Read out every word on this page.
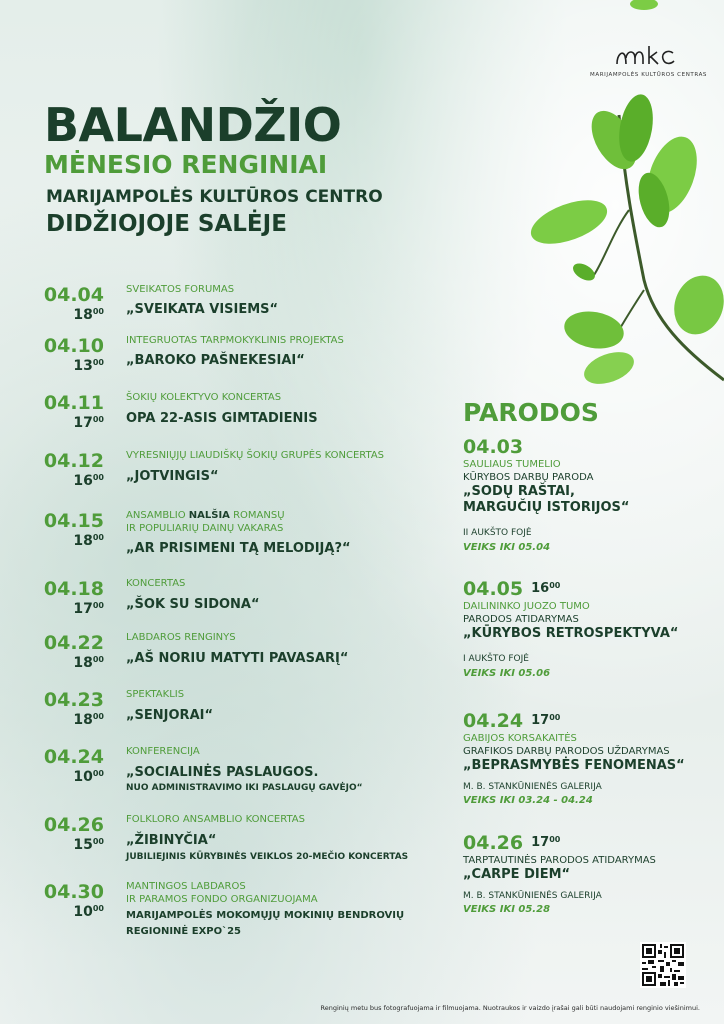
MARIJAMPOLĖS KULTŪROS CENTRAS
BALANDŽIO
MĖNESIO RENGINIAI
MARIJAMPOLĖS KULTŪROS CENTRO
DIDŽIOJOJE SALĖJE
04.04
$18^{00}$
SVEIKATOS FORUMAS
„SVEIKATA VISIEMS“
04.10
$13^{00}$
INTEGRUOTAS TARPMOKYKLINIS PROJEKTAS
„BAROKO PAŠNEKESIAI“
04.11
$17^{00}$
ŠOKIŲ KOLEKTYVO KONCERTAS
OPA 22-ASIS GIMTADIENIS
04.12
$16^{00}$
VYRESNIŲJŲ LIAUDIŠKŲ ŠOKIŲ GRUPĖS KONCERTAS
„JOTVINGIS“
04.15
$18^{00}$
ANSAMBLIO NALŠIA ROMANSŲ
IR POPULIARIŲ DAINŲ VAKARAS
„AR PRISIMENI TĄ MELODIJĄ?“
04.18
$17^{00}$
KONCERTAS
„ŠOK SU SIDONA“
04.22
$18^{00}$
LABDAROS RENGINYS
„AŠ NORIU MATYTI PAVASARĮ“
04.23
$18^{00}$
SPEKTAKLIS
„SENJORAI“
04.24
$10^{00}$
KONFERENCIJA
„SOCIALINĖS PASLAUGOS.
NUO ADMINISTRAVIMO IKI PASLAUGŲ GAVĖJO“
04.26
$15^{00}$
FOLKLORO ANSAMBLIO KONCERTAS
„ŽIBINYČIA“
JUBILIEJINIS KŪRYBINĖS VEIKLOS 20-MEČIO KONCERTAS
04.30
$10^{00}$
MANTINGOS LABDAROS
IR PARAMOS FONDO ORGANIZUOJAMA
MARIJAMPOLĖS MOKOMŲJŲ MOKINIŲ BENDROVIŲ
REGIONINĖ EXPO`25
PARODOS
04.03
SAULIAUS TUMELIO
KŪRYBOS DARBŲ PARODA
„SODŲ RAŠTAI,
MARGUČIŲ ISTORIJOS“
II AUKŠTO FOJĖ
VEIKS IKI 05.04
04.05 $16^{00}$
DAILININKO JUOZO TUMO
PARODOS ATIDARYMAS
„KŪRYBOS RETROSPEKTYVA“
I AUKŠTO FOJĖ
VEIKS IKI 05.06
04.24 $17^{00}$
GABIJOS KORSAKAITĖS
GRAFIKOS DARBŲ PARODOS UŽDARYMAS
„BEPRASMYBĖS FENOMENAS“
M. B. STANKŪNIENĖS GALERIJA
VEIKS IKI 03.24 - 04.24
04.26 $17^{00}$
TARPTAUTINĖS PARODOS ATIDARYMAS
„CARPE DIEM“
M. B. STANKŪNIENĖS GALERIJA
VEIKS IKI 05.28
Renginių metu bus fotografuojama ir filmuojama. Nuotraukos ir vaizdo įrašai gali būti naudojami renginio viešinimui.
